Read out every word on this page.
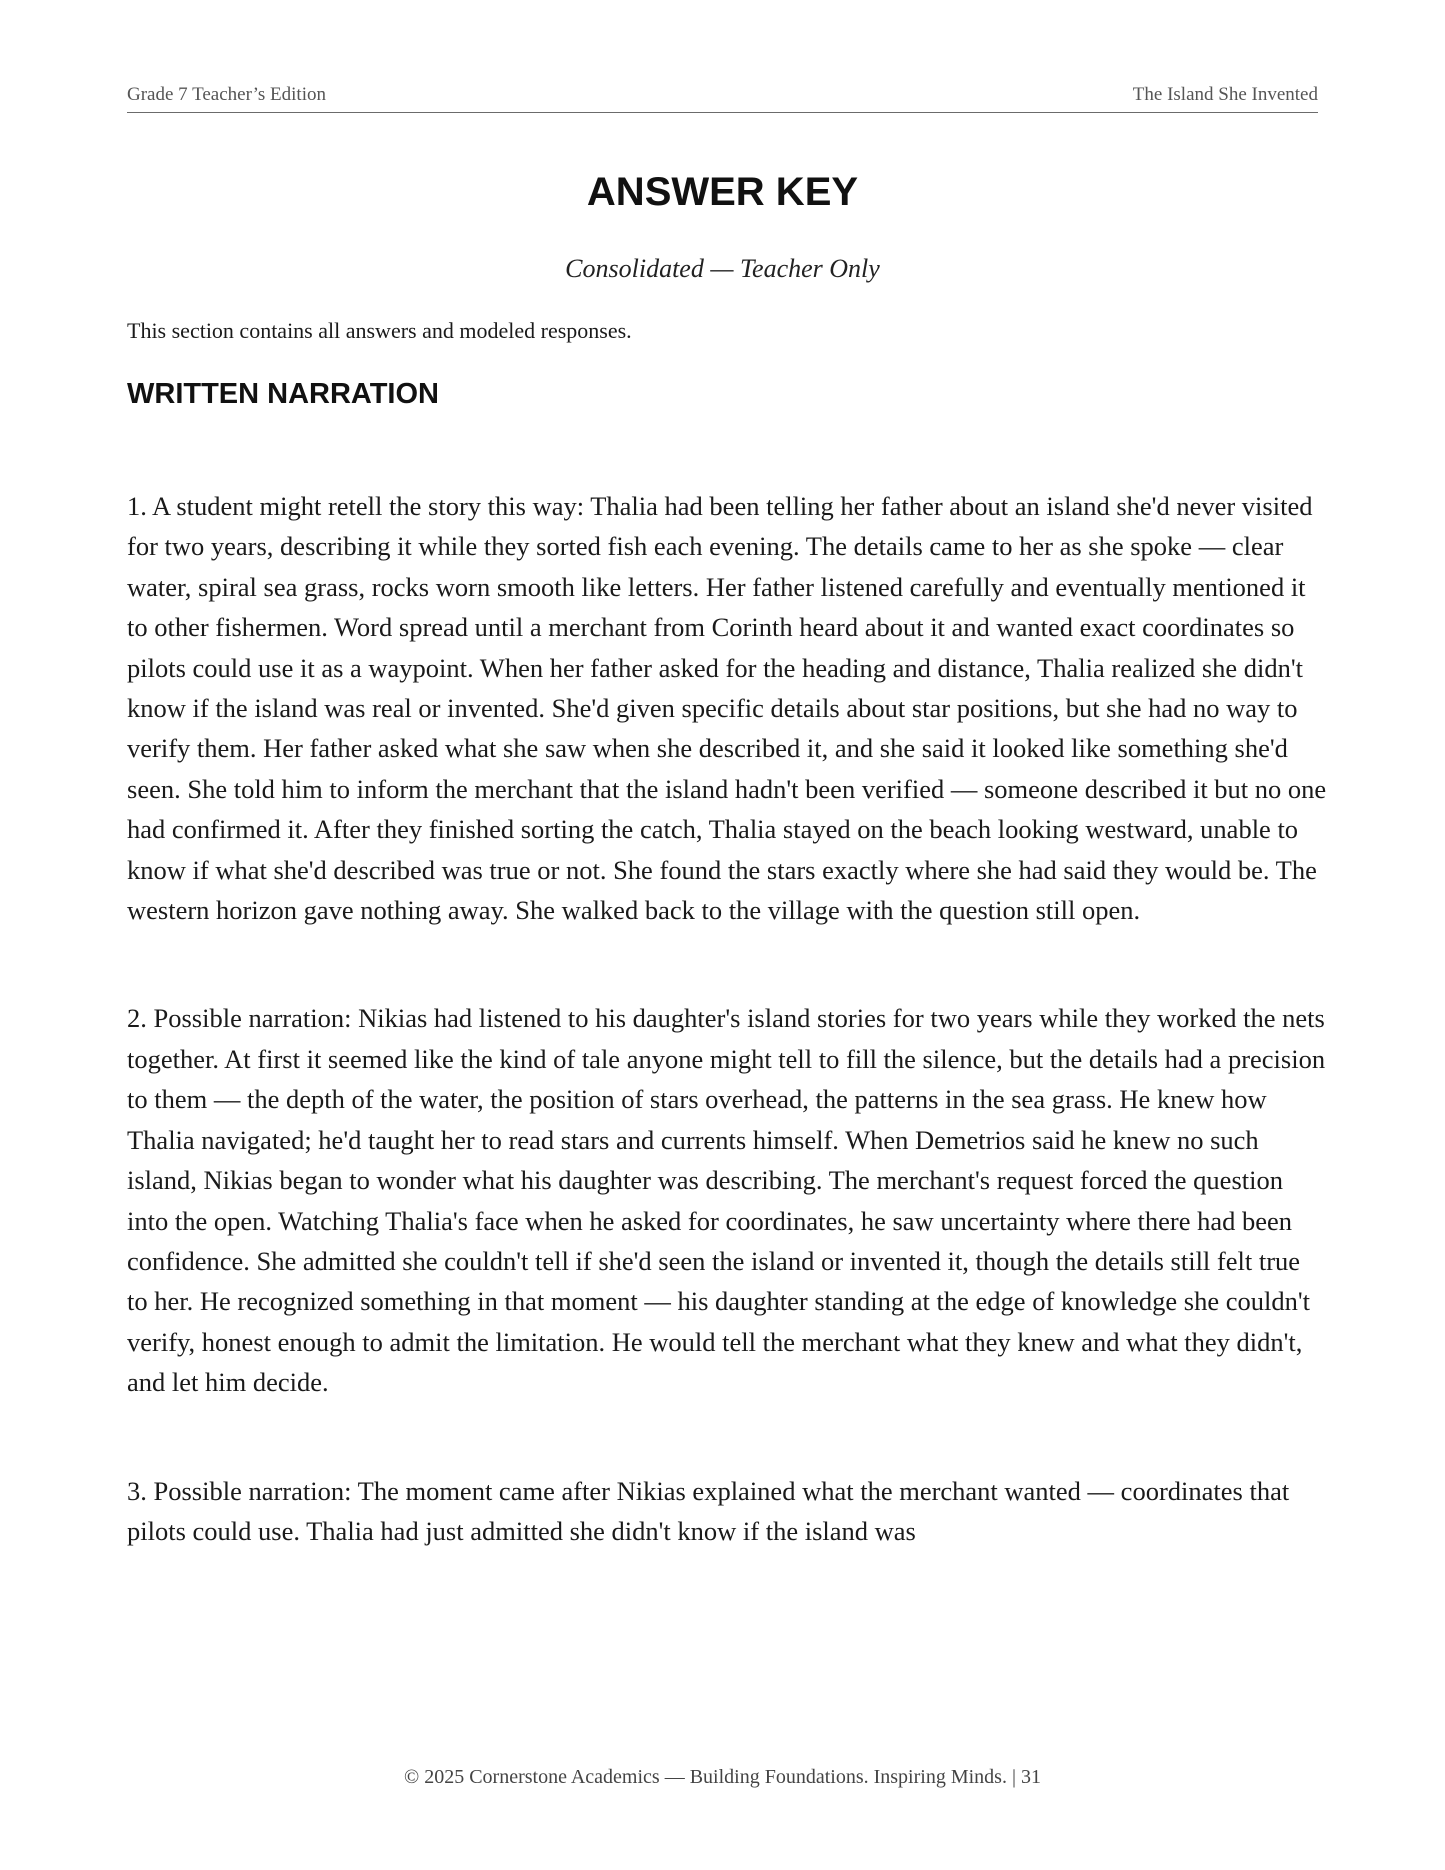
Grade 7 Teacher’s Edition	The Island She Invented
ANSWER KEY

Consolidated — Teacher Only

This section contains all answers and modeled responses.

WRITTEN NARRATION

1. A student might retell the story this way: Thalia had been telling her father about an island she'd never visited for two years, describing it while they sorted fish each evening. The details came to her as she spoke — clear water, spiral sea grass, rocks worn smooth like letters. Her father listened carefully and eventually mentioned it to other fishermen. Word spread until a merchant from Corinth heard about it and wanted exact coordinates so pilots could use it as a waypoint. When her father asked for the heading and distance, Thalia realized she didn't know if the island was real or invented. She'd given specific details about star positions, but she had no way to verify them. Her father asked what she saw when she described it, and she said it looked like something she'd seen. She told him to inform the merchant that the island hadn't been verified — someone described it but no one had confirmed it. After they finished sorting the catch, Thalia stayed on the beach looking westward, unable to know if what she'd described was true or not. She found the stars exactly where she had said they would be. The western horizon gave nothing away. She walked back to the village with the question still open.

2. Possible narration: Nikias had listened to his daughter's island stories for two years while they worked the nets together. At first it seemed like the kind of tale anyone might tell to fill the silence, but the details had a precision to them — the depth of the water, the position of stars overhead, the patterns in the sea grass. He knew how Thalia navigated; he'd taught her to read stars and currents himself. When Demetrios said he knew no such island, Nikias began to wonder what his daughter was describing. The merchant's request forced the question into the open. Watching Thalia's face when he asked for coordinates, he saw uncertainty where there had been confidence. She admitted she couldn't tell if she'd seen the island or invented it, though the details still felt true to her. He recognized something in that moment — his daughter standing at the edge of knowledge she couldn't verify, honest enough to admit the limitation. He would tell the merchant what they knew and what they didn't, and let him decide.

3. Possible narration: The moment came after Nikias explained what the merchant wanted — coordinates that pilots could use. Thalia had just admitted she didn't know if the island was

© 2025 Cornerstone Academics — Building Foundations. Inspiring Minds. | 31
